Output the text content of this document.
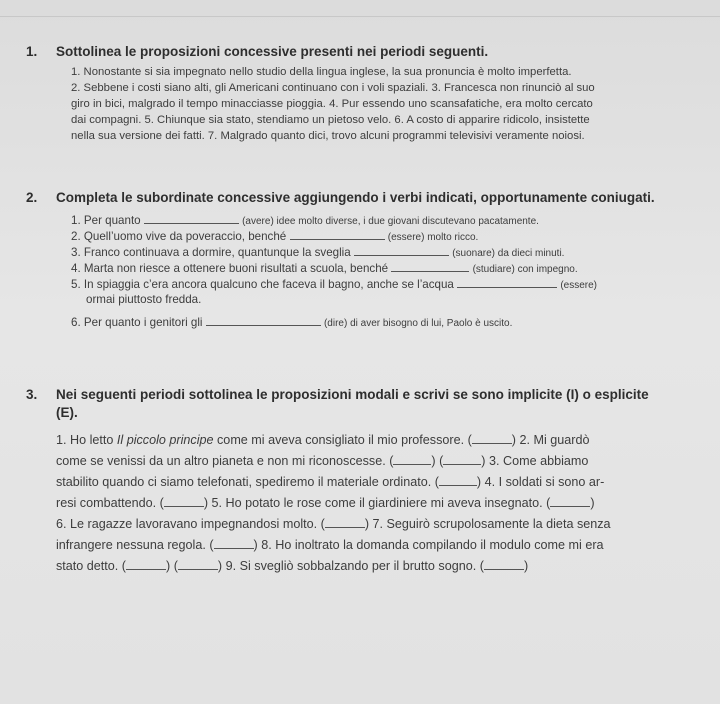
1. Sottolinea le proposizioni concessive presenti nei periodi seguenti.
1. Nonostante si sia impegnato nello studio della lingua inglese, la sua pronuncia è molto imperfetta.
2. Sebbene i costi siano alti, gli Americani continuano con i voli spaziali. 3. Francesca non rinunciò al suo
giro in bici, malgrado il tempo minacciasse pioggia. 4. Pur essendo uno scansafatiche, era molto cercato
dai compagni. 5. Chiunque sia stato, stendiamo un pietoso velo. 6. A costo di apparire ridicolo, insistette
nella sua versione dei fatti. 7. Malgrado quanto dici, trovo alcuni programmi televisivi veramente noiosi.
2. Completa le subordinate concessive aggiungendo i verbi indicati, opportunamente coniugati.
1. Per quanto	(avere) idee molto diverse, i due giovani discutevano pacatamente.
2. Quell’uomo vive da poveraccio, benché	(essere) molto ricco.
3. Franco continuava a dormire, quantunque la sveglia	(suonare) da dieci minuti.
4. Marta non riesce a ottenere buoni risultati a scuola, benché	(studiare) con impegno.
5. In spiaggia c’era ancora qualcuno che faceva il bagno, anche se l’acqua	(essere)
ormai piuttosto fredda.
6. Per quanto i genitori gli	(dire) di aver bisogno di lui, Paolo è uscito.
3. Nei seguenti periodi sottolinea le proposizioni modali e scrivi se sono implicite (I) o esplicite
(E).
1. Ho letto Il piccolo principe come mi aveva consigliato il mio professore. (	) 2. Mi guardò
come se venissi da un altro pianeta e non mi riconoscesse. (	) (	) 3. Come abbiamo
stabilito quando ci siamo telefonati, spediremo il materiale ordinato. (	) 4. I soldati si sono ar-
resi combattendo. (	) 5. Ho potato le rose come il giardiniere mi aveva insegnato. (	)
6. Le ragazze lavoravano impegnandosi molto. (	) 7. Seguirò scrupolosamente la dieta senza
infrangere nessuna regola. (	) 8. Ho inoltrato la domanda compilando il modulo come mi era
stato detto. (	) (	) 9. Si svegliò sobbalzando per il brutto sogno. (	)
